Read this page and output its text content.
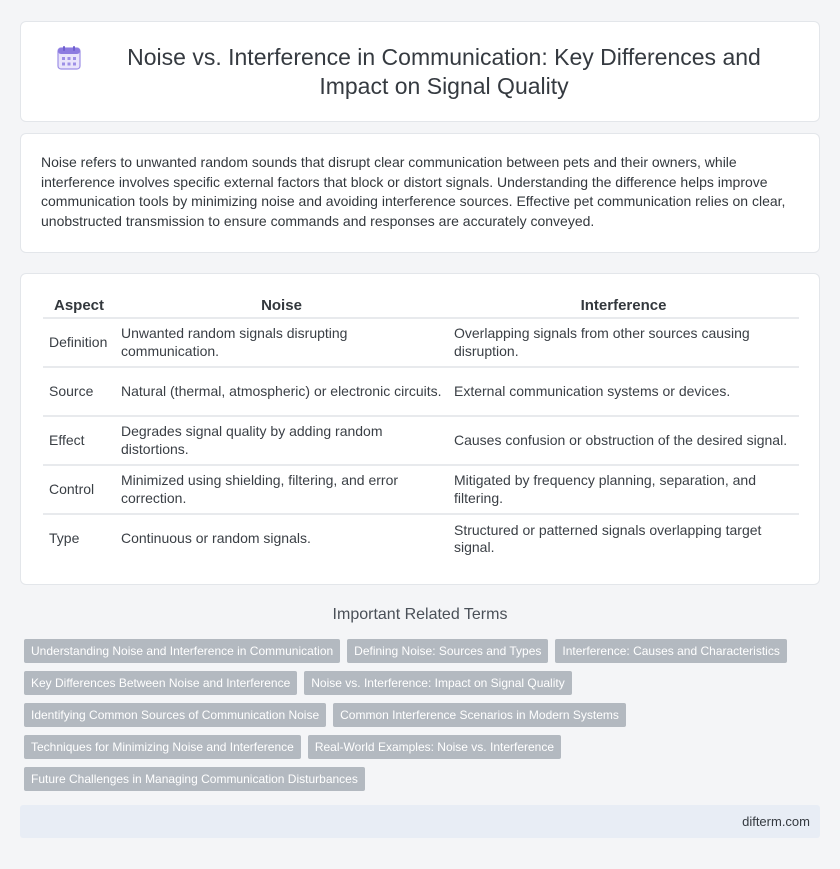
Noise vs. Interference in Communication: Key Differences and Impact on Signal Quality

Noise refers to unwanted random sounds that disrupt clear communication between pets and their owners, while interference involves specific external factors that block or distort signals. Understanding the difference helps improve communication tools by minimizing noise and avoiding interference sources. Effective pet communication relies on clear, unobstructed transmission to ensure commands and responses are accurately conveyed.

Aspect	Noise	Interference
Definition	Unwanted random signals disrupting communication.	Overlapping signals from other sources causing disruption.
Source	Natural (thermal, atmospheric) or electronic circuits.	External communication systems or devices.
Effect	Degrades signal quality by adding random distortions.	Causes confusion or obstruction of the desired signal.
Control	Minimized using shielding, filtering, and error correction.	Mitigated by frequency planning, separation, and filtering.
Type	Continuous or random signals.	Structured or patterned signals overlapping target signal.
Important Related Terms
Understanding Noise and Interference in Communication	Defining Noise: Sources and Types	Interference: Causes and Characteristics
Key Differences Between Noise and Interference	Noise vs. Interference: Impact on Signal Quality
Identifying Common Sources of Communication Noise	Common Interference Scenarios in Modern Systems
Techniques for Minimizing Noise and Interference	Real-World Examples: Noise vs. Interference
Future Challenges in Managing Communication Disturbances
difterm.com
